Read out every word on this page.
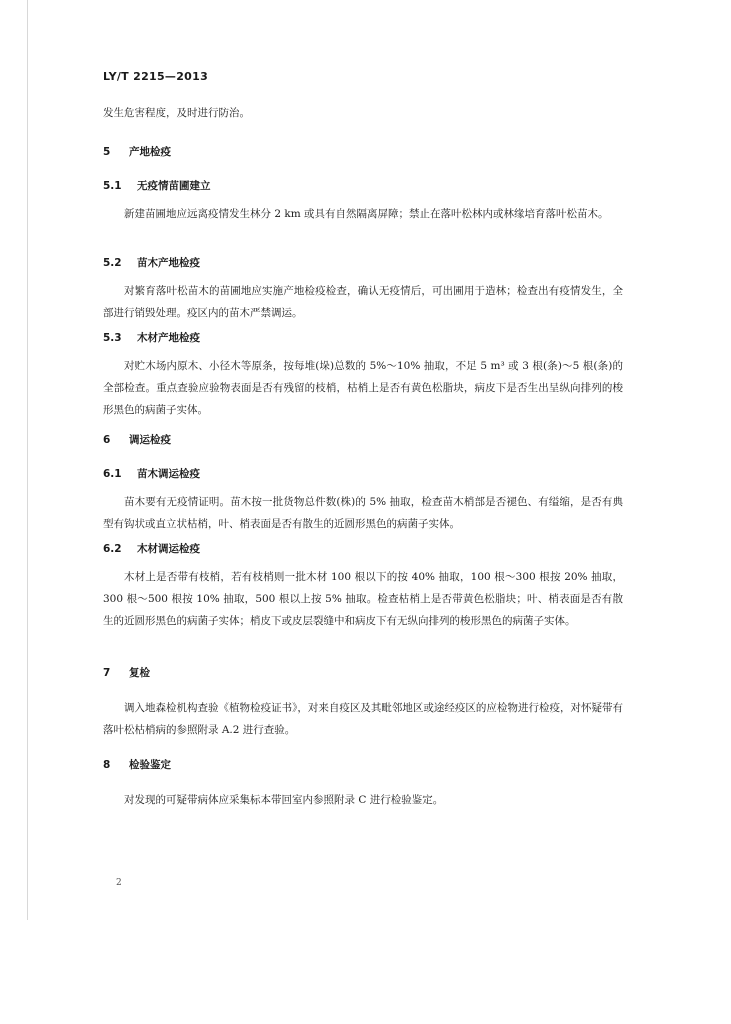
LY/T 2215—2013
发生危害程度，及时进行防治。
5 产地检疫
5.1 无疫情苗圃建立
新建苗圃地应远离疫情发生林分 2 km 或具有自然隔离屏障；禁止在落叶松林内或林缘培育落叶松苗木。
5.2 苗木产地检疫
对繁育落叶松苗木的苗圃地应实施产地检疫检查，确认无疫情后，可出圃用于造林；检查出有疫情发生，全部进行销毁处理。疫区内的苗木严禁调运。
5.3 木材产地检疫
对贮木场内原木、小径木等原条，按每堆(垛)总数的 5%～10% 抽取，不足 5 m³ 或 3 根(条)～5 根(条)的全部检查。重点查验应验物表面是否有残留的枝梢，枯梢上是否有黄色松脂块，病皮下是否生出呈纵向排列的梭形黑色的病菌子实体。
6 调运检疫
6.1 苗木调运检疫
苗木要有无疫情证明。苗木按一批货物总件数(株)的 5% 抽取，检查苗木梢部是否褪色、有缢缩，是否有典型有钩状或直立状枯梢，叶、梢表面是否有散生的近圆形黑色的病菌子实体。
6.2 木材调运检疫
木材上是否带有枝梢，若有枝梢则一批木材 100 根以下的按 40% 抽取，100 根～300 根按 20% 抽取，300 根～500 根按 10% 抽取，500 根以上按 5% 抽取。检查枯梢上是否带黄色松脂块；叶、梢表面是否有散生的近圆形黑色的病菌子实体；梢皮下或皮层裂缝中和病皮下有无纵向排列的梭形黑色的病菌子实体。
7 复检
调入地森检机构查验《植物检疫证书》，对来自疫区及其毗邻地区或途经疫区的应检物进行检疫，对怀疑带有落叶松枯梢病的参照附录 A.2 进行查验。
8 检验鉴定
对发现的可疑带病体应采集标本带回室内参照附录 C 进行检验鉴定。
2
